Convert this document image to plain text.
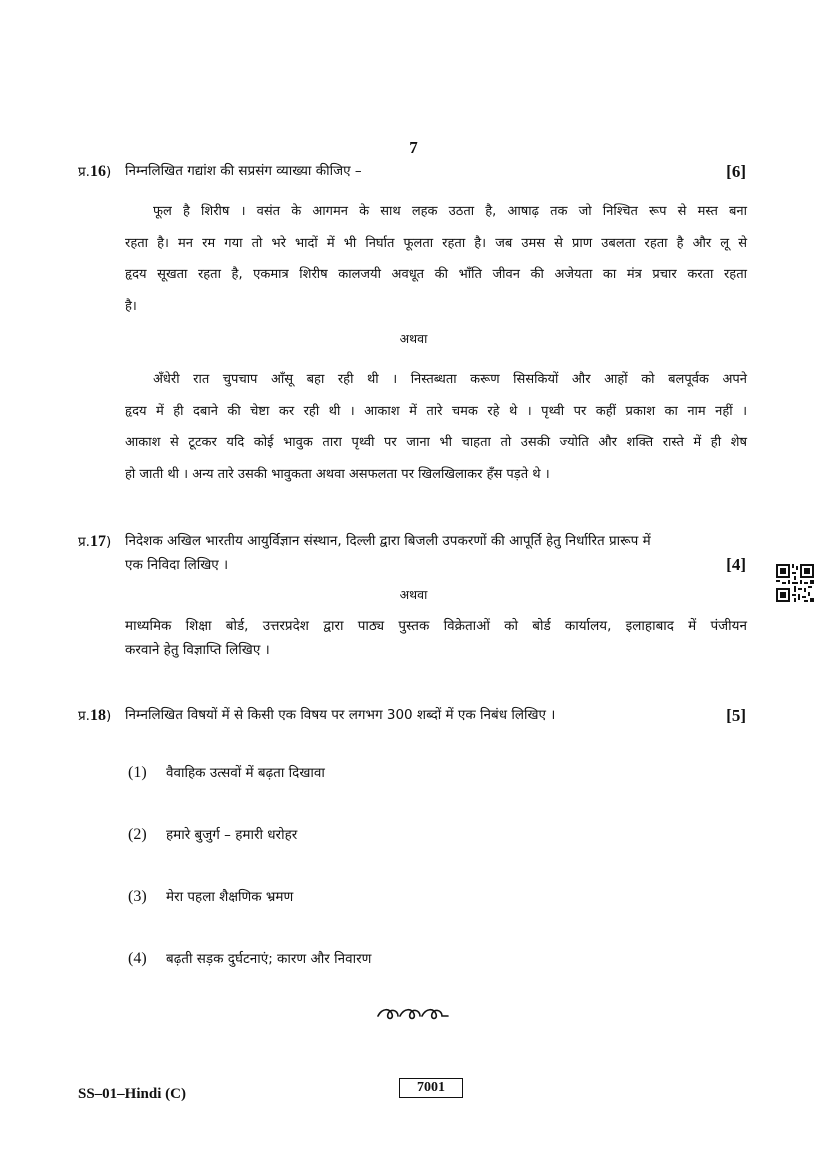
7
प्र.16) निम्नलिखित गद्यांश की सप्रसंग व्याख्या कीजिए –	[6]
फूल है शिरीष । वसंत के आगमन के साथ लहक उठता है, आषाढ़ तक जो निश्चित रूप से मस्त बना
रहता है। मन रम गया तो भरे भादों में भी निर्घात फूलता रहता है। जब उमस से प्राण उबलता रहता है और लू से
हृदय सूखता रहता है, एकमात्र शिरीष कालजयी अवधूत की भाँति जीवन की अजेयता का मंत्र प्रचार करता रहता
है।
अथवा
अँधेरी रात चुपचाप आँसू बहा रही थी । निस्तब्धता करूण सिसकियों और आहों को बलपूर्वक अपने
हृदय में ही दबाने की चेष्टा कर रही थी । आकाश में तारे चमक रहे थे । पृथ्वी पर कहीं प्रकाश का नाम नहीं ।
आकाश से टूटकर यदि कोई भावुक तारा पृथ्वी पर जाना भी चाहता तो उसकी ज्योति और शक्ति रास्ते में ही शेष
हो जाती थी । अन्य तारे उसकी भावुकता अथवा असफलता पर खिलखिलाकर हँस पड़ते थे ।
प्र.17) निदेशक अखिल भारतीय आयुर्विज्ञान संस्थान, दिल्ली द्वारा बिजली उपकरणों की आपूर्ति हेतु निर्धारित प्रारूप में
एक निविदा लिखिए ।	[4]
अथवा
माध्यमिक शिक्षा बोर्ड, उत्तरप्रदेश द्वारा पाठ्य पुस्तक विक्रेताओं को बोर्ड कार्यालय, इलाहाबाद में पंजीयन
करवाने हेतु विज्ञाप्ति लिखिए ।
प्र.18) निम्नलिखित विषयों में से किसी एक विषय पर लगभग 300 शब्दों में एक निबंध लिखिए ।	[5]
(1) वैवाहिक उत्सवों में बढ़ता दिखावा
(2) हमारे बुजुर्ग – हमारी धरोहर
(3) मेरा पहला शैक्षणिक भ्रमण
(4) बढ़ती सड़क दुर्घटनाएं; कारण और निवारण
SS–01–Hindi (C)	7001
